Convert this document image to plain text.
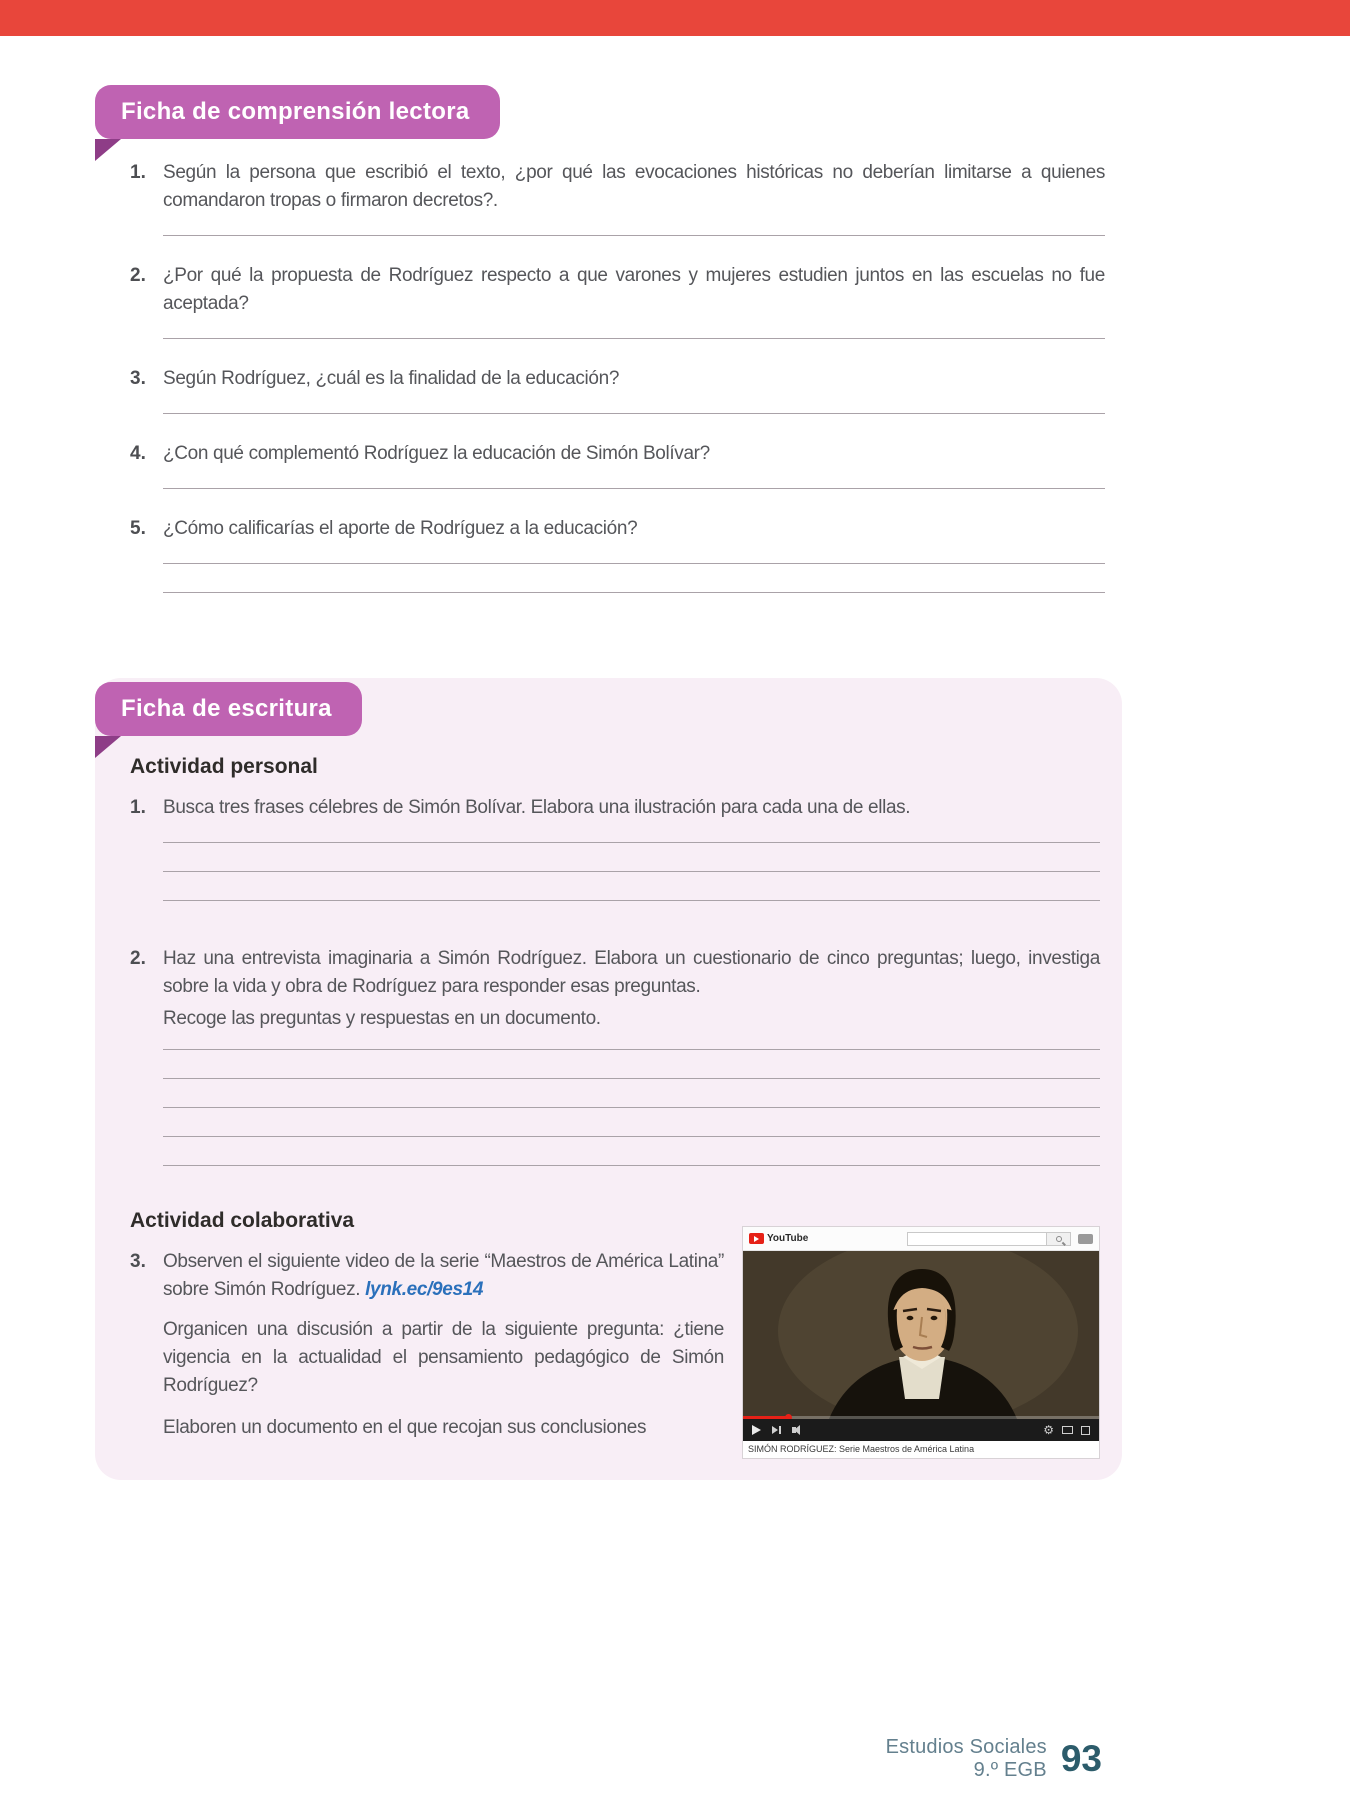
Ficha de comprensión lectora
1. Según la persona que escribió el texto, ¿por qué las evocaciones históricas no deberían limitarse a quienes comandaron tropas o firmaron decretos?.

2. ¿Por qué la propuesta de Rodríguez respecto a que varones y mujeres estudien juntos en las escuelas no fue aceptada?

3. Según Rodríguez, ¿cuál es la finalidad de la educación?

4. ¿Con qué complementó Rodríguez la educación de Simón Bolívar?

5. ¿Cómo calificarías el aporte de Rodríguez a la educación?

Ficha de escritura
Actividad personal
1. Busca tres frases célebres de Simón Bolívar. Elabora una ilustración para cada una de ellas.

2. Haz una entrevista imaginaria a Simón Rodríguez. Elabora un cuestionario de cinco preguntas; luego, investiga sobre la vida y obra de Rodríguez para responder esas preguntas.

Recoge las preguntas y respuestas en un documento.

Actividad colaborativa
3. Observen el siguiente video de la serie “Maestros de América Latina” sobre Simón Rodríguez. lynk.ec/9es14

Organicen una discusión a partir de la siguiente pregunta: ¿tiene vigencia en la actualidad el pensamiento pedagógico de Simón Rodríguez?

Elaboren un documento en el que recojan sus conclusiones

YouTube
⚙
SIMÓN RODRÍGUEZ: Serie Maestros de América Latina
Estudios Sociales
9.º EGB 93
